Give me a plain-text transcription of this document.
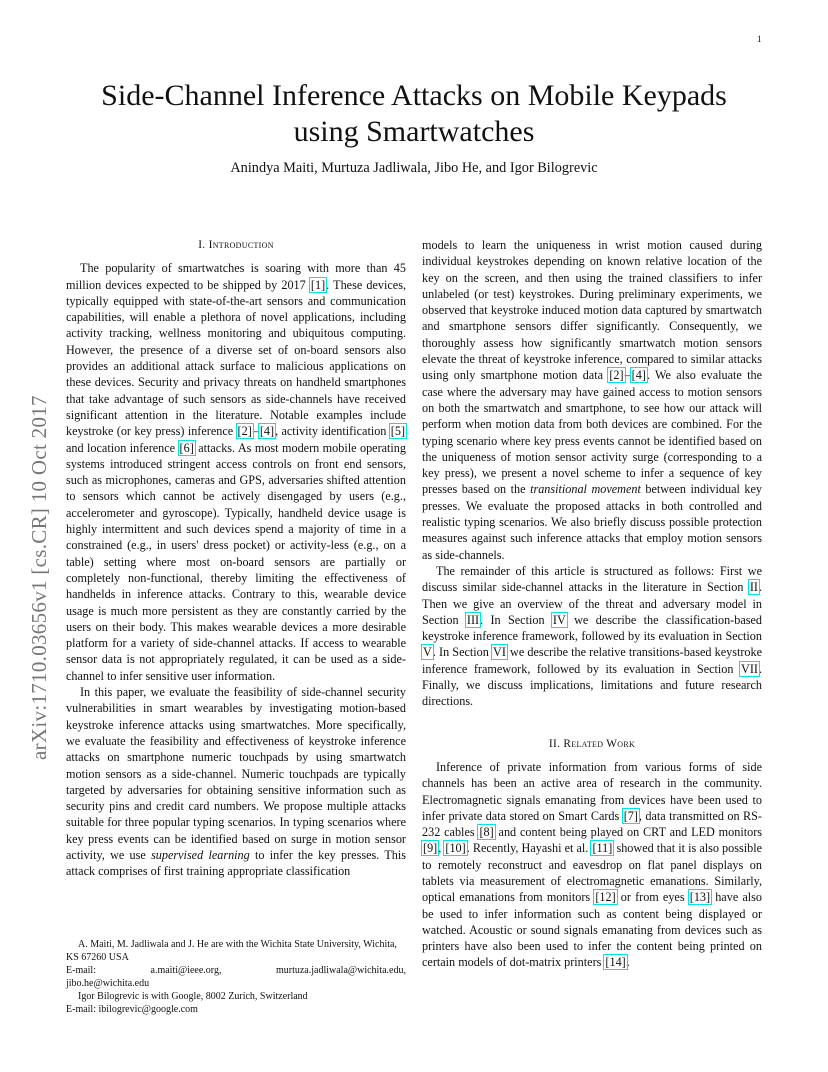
1
arXiv:1710.03656v1 [cs.CR] 10 Oct 2017
Side-Channel Inference Attacks on Mobile Keypads using Smartwatches
Anindya Maiti, Murtuza Jadliwala, Jibo He, and Igor Bilogrevic
I. Introduction

The popularity of smartwatches is soaring with more than 45 million devices expected to be shipped by 2017 [ 1 ] . These devices, typically equipped with state-of-the-art sensors and communication capabilities, will enable a plethora of novel applications, including activity tracking, wellness monitoring and ubiquitous computing. However, the presence of a diverse set of on-board sensors also provides an additional attack surface to malicious applications on these devices. Security and privacy threats on handheld smartphones that take advantage of such sensors as side-channels have received significant attention in the literature. Notable examples include keystroke (or key press) inference [ 2 ] – [ 4 ] , activity identification [ 5 ] and location inference [ 6 ] attacks. As most modern mobile operating systems introduced stringent access controls on front end sensors, such as microphones, cameras and GPS, adversaries shifted attention to sensors which cannot be actively disengaged by users (e.g., accelerometer and gyroscope). Typically, handheld device usage is highly intermittent and such devices spend a majority of time in a constrained (e.g., in users' dress pocket) or activity-less (e.g., on a table) setting where most on-board sensors are partially or completely non-functional, thereby limiting the effectiveness of handhelds in inference attacks. Contrary to this, wearable device usage is much more persistent as they are constantly carried by the users on their body. This makes wearable devices a more desirable platform for a variety of side-channel attacks. If access to wearable sensor data is not appropriately regulated, it can be used as a side-channel to infer sensitive user information.

In this paper, we evaluate the feasibility of side-channel security vulnerabilities in smart wearables by investigating motion-based keystroke inference attacks using smartwatches. More specifically, we evaluate the feasibility and effectiveness of keystroke inference attacks on smartphone numeric touchpads by using smartwatch motion sensors as a side-channel. Numeric touchpads are typically targeted by adversaries for obtaining sensitive information such as security pins and credit card numbers. We propose multiple attacks suitable for three popular typing scenarios. In typing scenarios where key press events can be identified based on surge in motion sensor activity, we use supervised learning to infer the key presses. This attack comprises of first training appropriate classification

A. Maiti, M. Jadliwala and J. He are with the Wichita State University, Wichita, KS 67260 USA

E-mail:	a.maiti@ieee.org,	murtuza.jadliwala@wichita.edu,
jibo.he@wichita.edu

Igor Bilogrevic is with Google, 8002 Zurich, Switzerland

E-mail: ibilogrevic@google.com

models to learn the uniqueness in wrist motion caused during individual keystrokes depending on known relative location of the key on the screen, and then using the trained classifiers to infer unlabeled (or test) keystrokes. During preliminary experiments, we observed that keystroke induced motion data captured by smartwatch and smartphone sensors differ significantly. Consequently, we thoroughly assess how significantly smartwatch motion sensors elevate the threat of keystroke inference, compared to similar attacks using only smartphone motion data [ 2 ] – [ 4 ] . We also evaluate the case where the adversary may have gained access to motion sensors on both the smartwatch and smartphone, to see how our attack will perform when motion data from both devices are combined. For the typing scenario where key press events cannot be identified based on the uniqueness of motion sensor activity surge (corresponding to a key press), we present a novel scheme to infer a sequence of key presses based on the transitional movement between individual key presses. We evaluate the proposed attacks in both controlled and realistic typing scenarios. We also briefly discuss possible protection measures against such inference attacks that employ motion sensors as side-channels.

The remainder of this article is structured as follows: First we discuss similar side-channel attacks in the literature in Section II. Then we give an overview of the threat and adversary model in Section III. In Section IV we describe the classification-based keystroke inference framework, followed by its evaluation in Section V. In Section VI we describe the relative transitions-based keystroke inference framework, followed by its evaluation in Section VII. Finally, we discuss implications, limitations and future research directions.

II. Related Work

Inference of private information from various forms of side channels has been an active area of research in the community. Electromagnetic signals emanating from devices have been used to infer private data stored on Smart Cards [ 7 ] , data transmitted on RS-232 cables [ 8 ] and content being played on CRT and LED monitors [ 9 ] , [ 10 ] . Recently, Hayashi et al. [ 11 ] showed that it is also possible to remotely reconstruct and eavesdrop on flat panel displays on tablets via measurement of electromagnetic emanations. Similarly, optical emanations from monitors [ 12 ] or from eyes [ 13 ] have also be used to infer information such as content being displayed or watched. Acoustic or sound signals emanating from devices such as printers have also been used to infer the content being printed on certain models of dot-matrix printers [ 14 ] .
